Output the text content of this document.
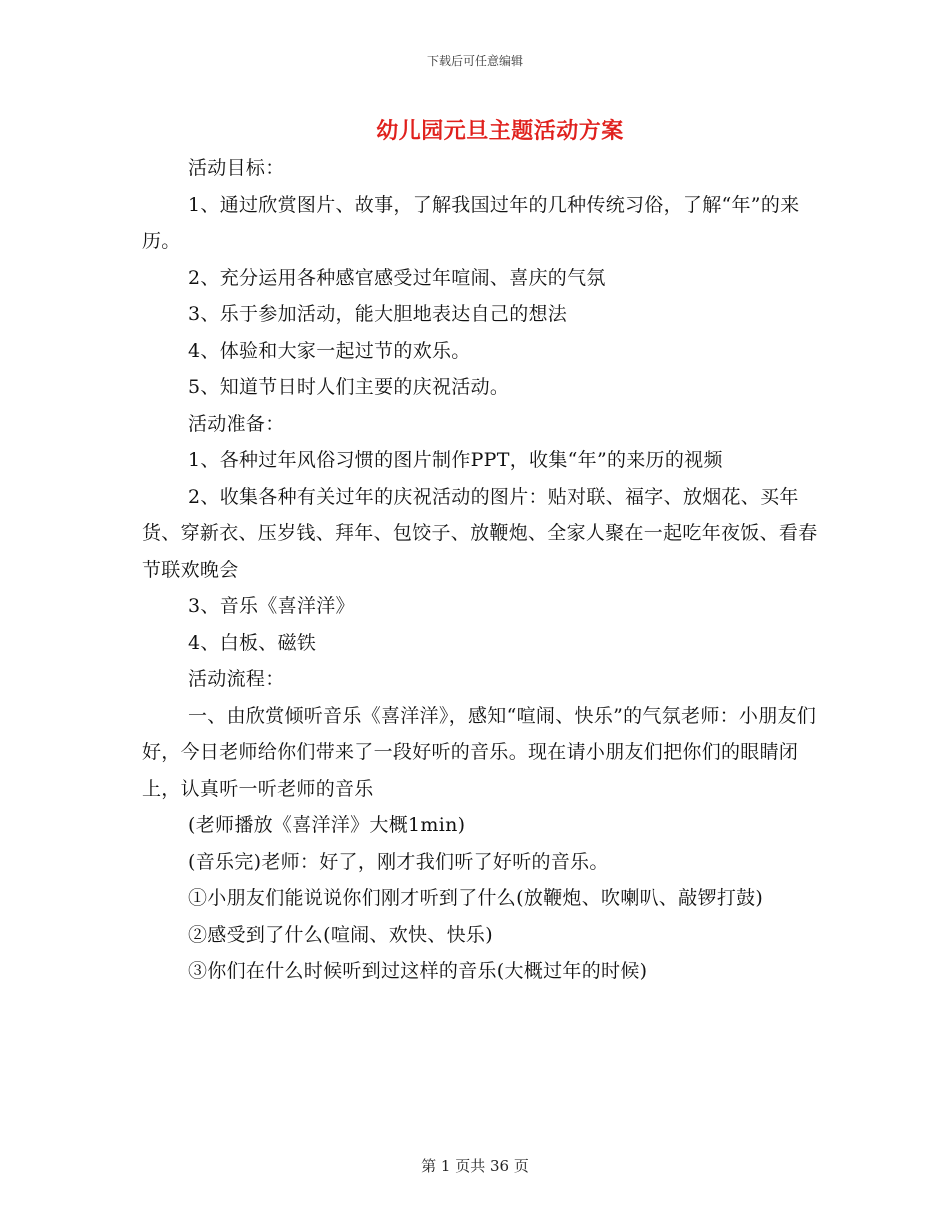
下载后可任意编辑
幼儿园元旦主题活动方案

活动目标：

1、通过欣赏图片、故事，了解我国过年的几种传统习俗，了解“年”的来历。

2、充分运用各种感官感受过年喧闹、喜庆的气氛

3、乐于参加活动，能大胆地表达自己的想法

4、体验和大家一起过节的欢乐。

5、知道节日时人们主要的庆祝活动。

活动准备：

1、各种过年风俗习惯的图片制作PPT，收集“年”的来历的视频

2、收集各种有关过年的庆祝活动的图片：贴对联、福字、放烟花、买年货、穿新衣、压岁钱、拜年、包饺子、放鞭炮、全家人聚在一起吃年夜饭、看春节联欢晚会

3、音乐《喜洋洋》

4、白板、磁铁

活动流程：

一、由欣赏倾听音乐《喜洋洋》，感知“喧闹、快乐”的气氛老师：小朋友们好，今日老师给你们带来了一段好听的音乐。现在请小朋友们把你们的眼睛闭上，认真听一听老师的音乐

(老师播放《喜洋洋》大概1min)

(音乐完)老师：好了，刚才我们听了好听的音乐。

①小朋友们能说说你们刚才听到了什么(放鞭炮、吹喇叭、敲锣打鼓)

②感受到了什么(喧闹、欢快、快乐)

③你们在什么时候听到过这样的音乐(大概过年的时候)

第 1 页共 36 页
